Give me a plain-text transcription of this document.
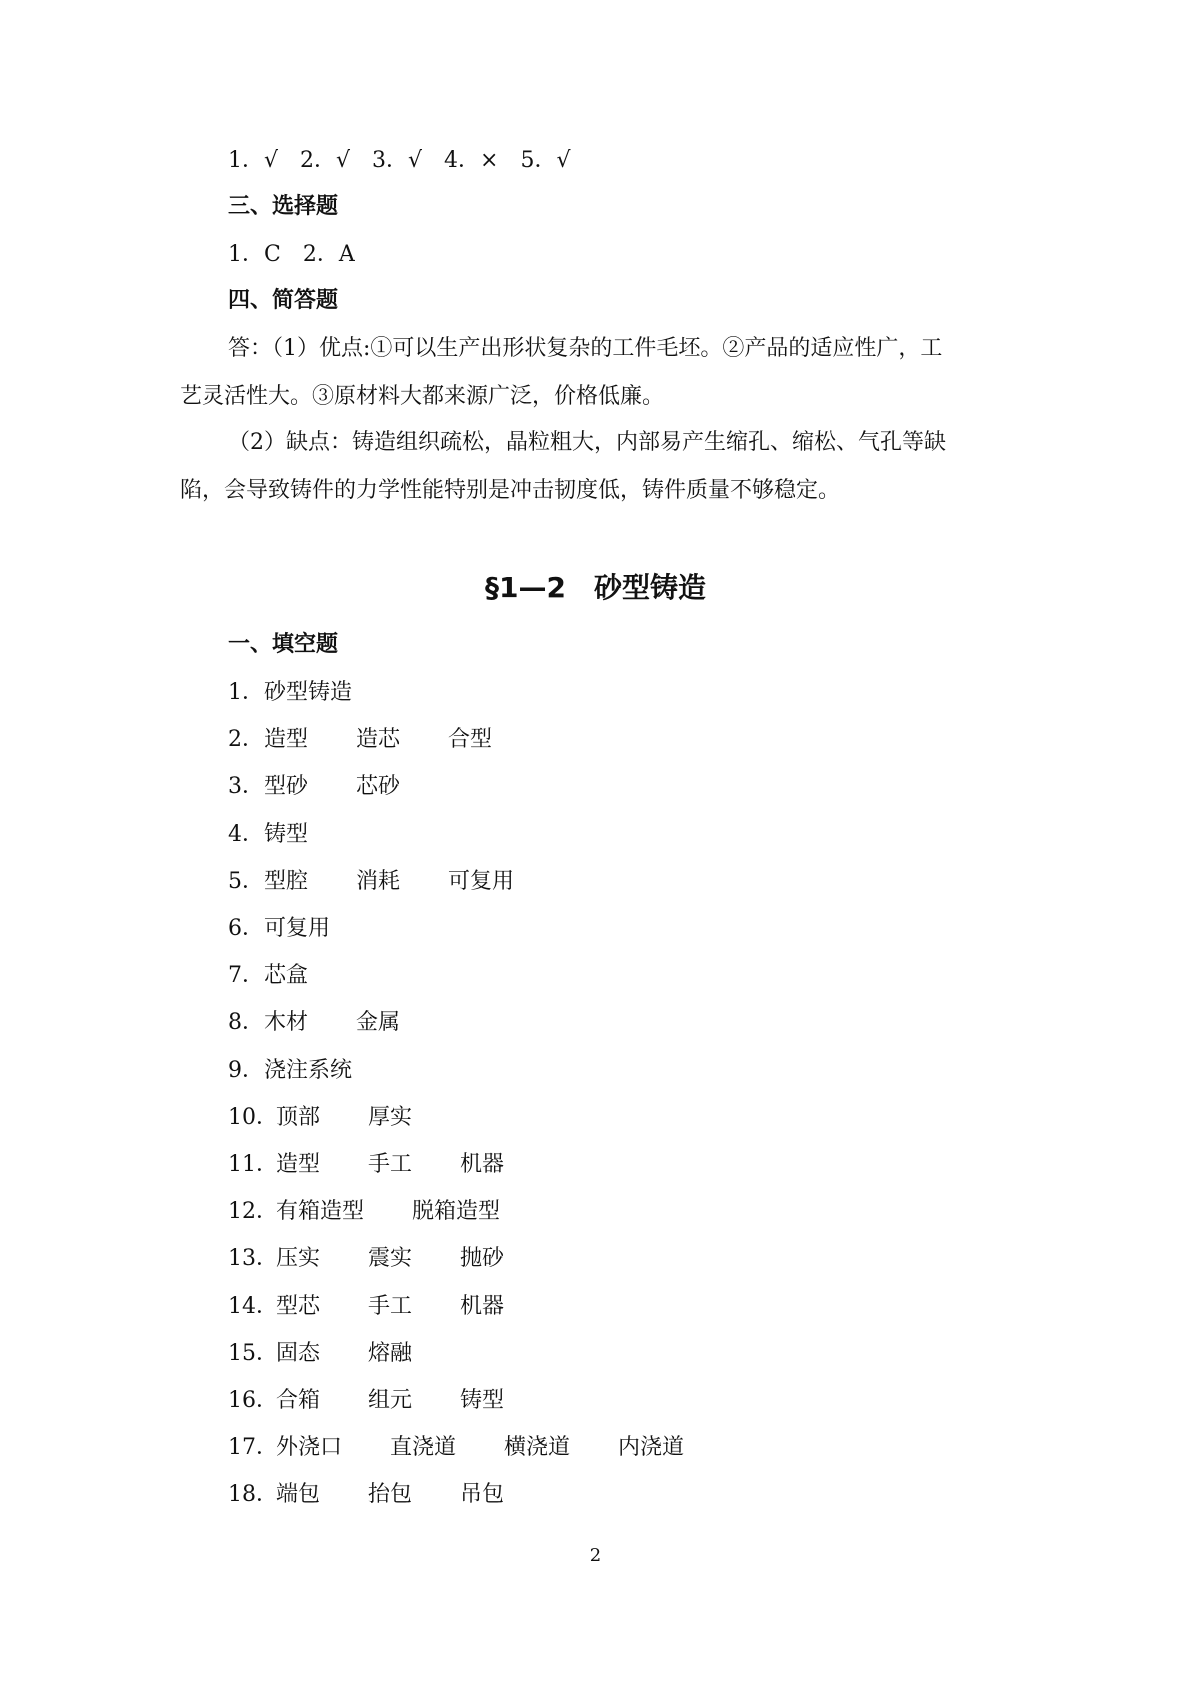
1．√　2．√　3．√　4．×　5．√
三、选择题
1．C　2．A
四、简答题
答：（1）优点:①可以生产出形状复杂的工件毛坯。②产品的适应性广，工
艺灵活性大。③原材料大都来源广泛，价格低廉。
（2）缺点：铸造组织疏松，晶粒粗大，内部易产生缩孔、缩松、气孔等缺
陷，会导致铸件的力学性能特别是冲击韧度低，铸件质量不够稳定。
§1—2　砂型铸造
一、填空题
1．砂型铸造
2．造型 造芯 合型
3．型砂 芯砂
4．铸型
5．型腔 消耗 可复用
6．可复用
7．芯盒
8．木材 金属
9．浇注系统
10．顶部 厚实
11．造型 手工 机器
12．有箱造型 脱箱造型
13．压实 震实 抛砂
14．型芯 手工 机器
15．固态 熔融
16．合箱 组元 铸型
17．外浇口 直浇道 横浇道 内浇道
18．端包 抬包 吊包
2
